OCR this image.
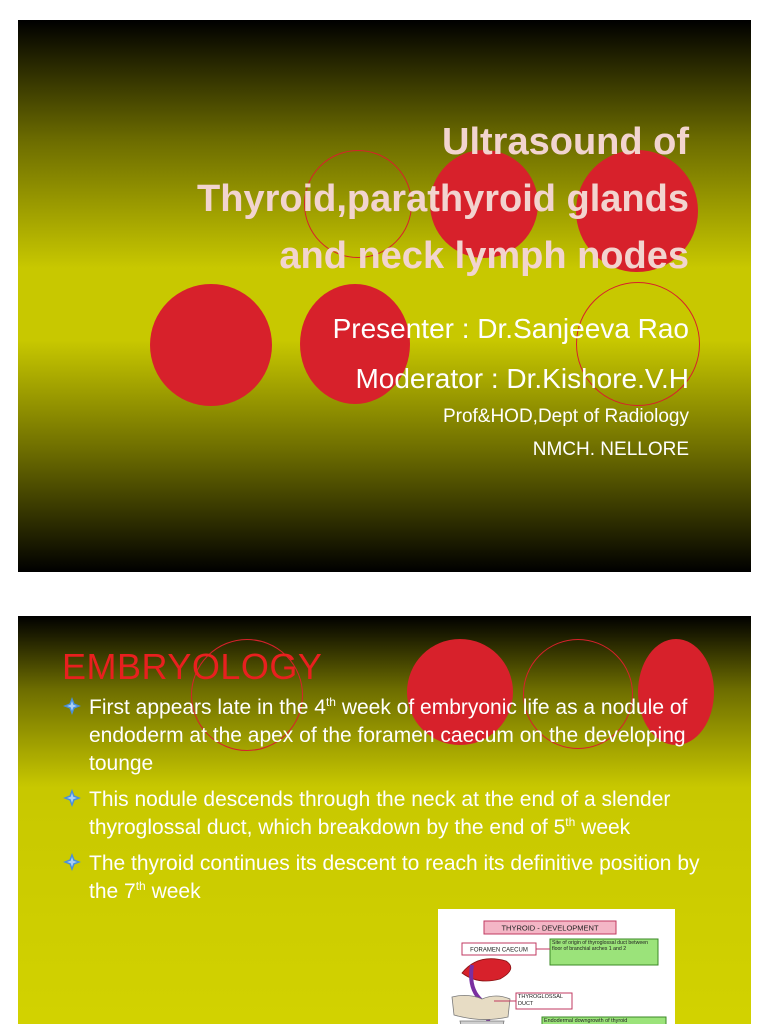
Ultrasound of
Thyroid,parathyroid glands
and neck lymph nodes
Presenter : Dr.Sanjeeva Rao
Moderator : Dr.Kishore.V.H
Prof&HOD,Dept of Radiology
NMCH. NELLORE
EMBRYOLOGY
First appears late in the 4th week of embryonic life as a nodule of endoderm at the apex of the foramen caecum on the developing tounge
This nodule descends through the neck at the end of a slender thyroglossal duct, which breakdown by the end of 5th week
The thyroid continues its descent to reach its definitive position by the 7th week
THYROID - DEVELOPMENT
FORAMEN CAECUM
Site of origin of thyroglossal duct between floor of branchial arches 1 and 2
THYROGLOSSAL DUCT
Endodermal downgrowth of thyroid
